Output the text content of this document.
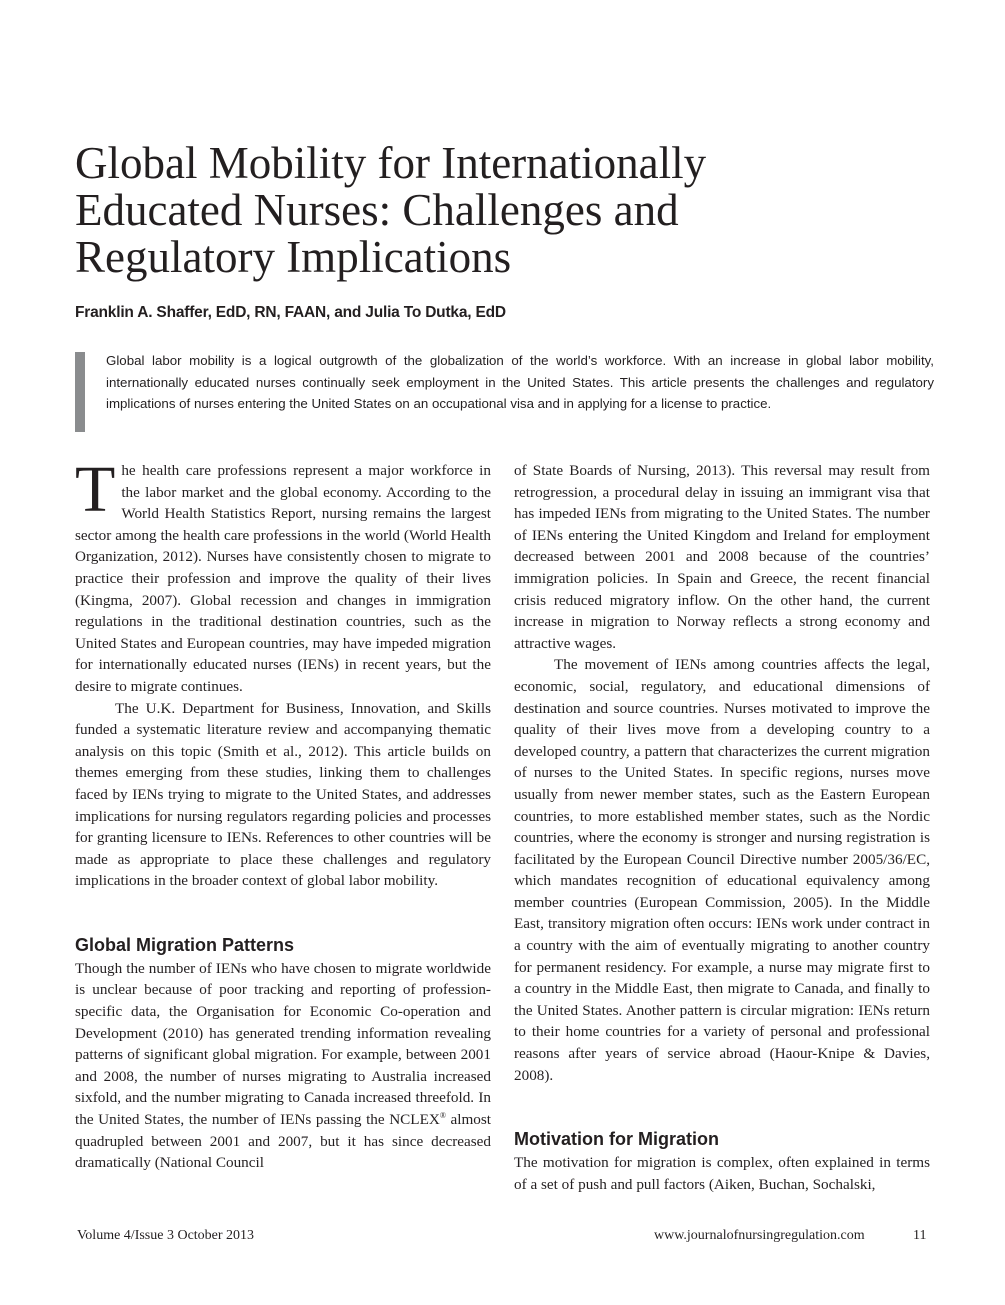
Global Mobility for Internationally
Educated Nurses: Challenges and
Regulatory Implications
Franklin A. Shaffer, EdD, RN, FAAN, and Julia To Dutka, EdD

Global labor mobility is a logical outgrowth of the globalization of the world’s workforce. With an increase in global labor mobility, internationally educated nurses continually seek employment in the United States. This article presents the challenges and regulatory implications of nurses entering the United States on an occupational visa and in applying for a license to practice.

The health care professions represent a major workforce in the labor market and the global economy. According to the World Health Statistics Report, nursing remains the largest sector among the health care professions in the world (World Health Organization, 2012). Nurses have consistently chosen to migrate to practice their profession and improve the quality of their lives (Kingma, 2007). Global recession and changes in immigration regulations in the traditional destination countries, such as the United States and European countries, may have impeded migration for internationally educated nurses (IENs) in recent years, but the desire to migrate continues.

The U.K. Department for Business, Innovation, and Skills funded a systematic literature review and accompanying thematic analysis on this topic (Smith et al., 2012). This article builds on themes emerging from these studies, linking them to challenges faced by IENs trying to migrate to the United States, and addresses implications for nursing regulators regarding policies and processes for granting licensure to IENs. References to other countries will be made as appropriate to place these challenges and regulatory implications in the broader context of global labor mobility.

Global Migration Patterns

Though the number of IENs who have chosen to migrate worldwide is unclear because of poor tracking and reporting of profession-specific data, the Organisation for Economic Co-operation and Development (2010) has generated trending information revealing patterns of significant global migration. For example, between 2001 and 2008, the number of nurses migrating to Australia increased sixfold, and the number migrating to Canada increased threefold. In the United States, the number of IENs passing the NCLEX® almost quadrupled between 2001 and 2007, but it has since decreased dramatically (National Council

of State Boards of Nursing, 2013). This reversal may result from retrogression, a procedural delay in issuing an immigrant visa that has impeded IENs from migrating to the United States. The number of IENs entering the United Kingdom and Ireland for employment decreased between 2001 and 2008 because of the countries’ immigration policies. In Spain and Greece, the recent financial crisis reduced migratory inflow. On the other hand, the current increase in migration to Norway reflects a strong economy and attractive wages.

The movement of IENs among countries affects the legal, economic, social, regulatory, and educational dimensions of destination and source countries. Nurses motivated to improve the quality of their lives move from a developing country to a developed country, a pattern that characterizes the current migration of nurses to the United States. In specific regions, nurses move usually from newer member states, such as the Eastern European countries, to more established member states, such as the Nordic countries, where the economy is stronger and nursing registration is facilitated by the European Council Directive number 2005/36/EC, which mandates recognition of educational equivalency among member countries (European Commission, 2005). In the Middle East, transitory migration often occurs: IENs work under contract in a country with the aim of eventually migrating to another country for permanent residency. For example, a nurse may migrate first to a country in the Middle East, then migrate to Canada, and finally to the United States. Another pattern is circular migration: IENs return to their home countries for a variety of personal and professional reasons after years of service abroad (Haour-Knipe & Davies, 2008).

Motivation for Migration

The motivation for migration is complex, often explained in terms of a set of push and pull factors (Aiken, Buchan, Sochalski,

Volume 4/Issue 3 October 2013	www.journalofnursingregulation.com	11
